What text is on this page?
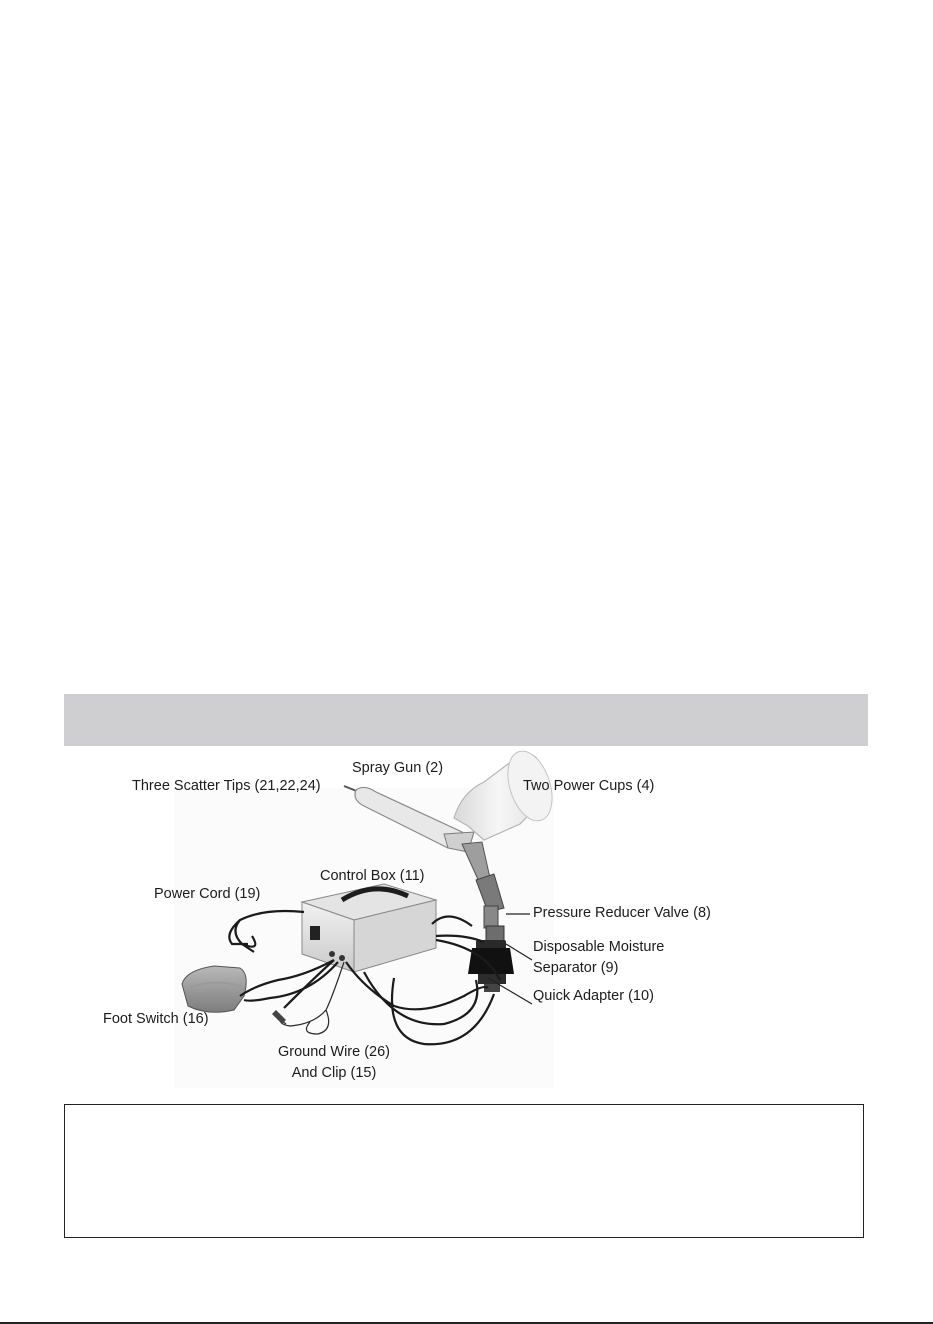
Spray Gun (2)
Three Scatter Tips (21,22,24)	Two Power Cups (4)
Control Box (11)
Power Cord (19)
Pressure Reducer Valve (8)
Disposable Moisture
Separator (9)
Quick Adapter (10)
Foot Switch (16)
Ground Wire (26)
And Clip (15)
